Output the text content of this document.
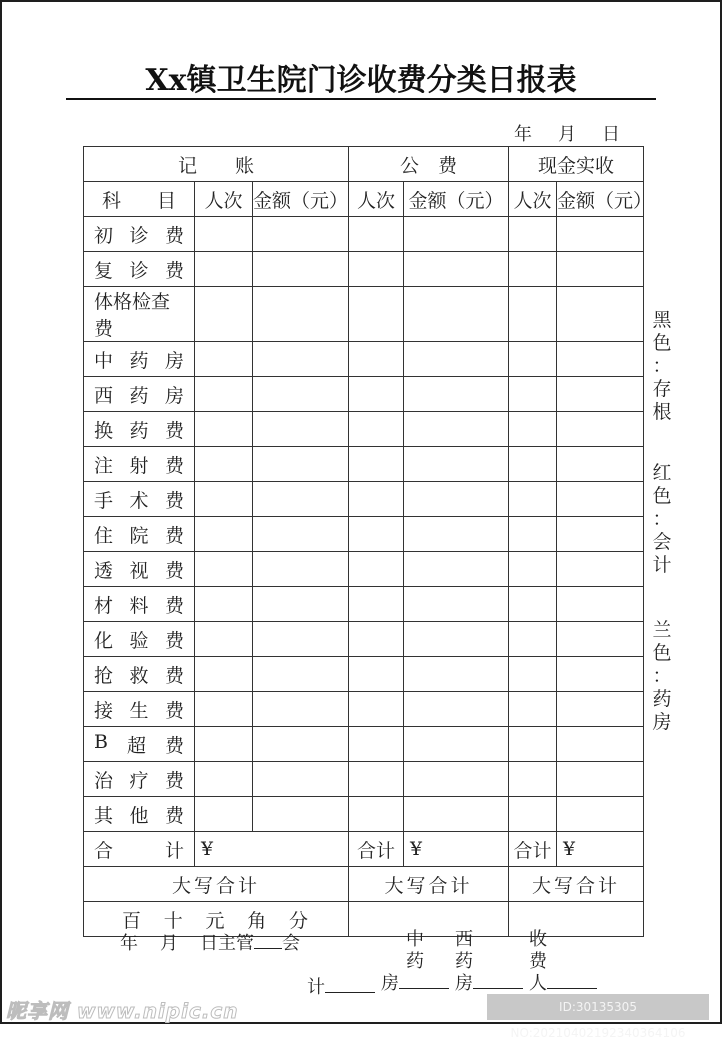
Xx镇卫生院门诊收费分类日报表
年 月 日
记　　账			公　费		现金实收	

科 目	人次	金额（元）	人次	金额（元）	人次	金额（元）

初 诊 费						

复 诊 费						

体格检查费						

中 药 房						

西 药 房						

换 药 费						

注 射 费						

手 术 费						

住 院 费						

透 视 费						

材 料 费						

化 验 费						

抢 救 费						

接 生 费						

B 超 费						

治 疗 费						

其 他 费						

合 计	¥		合计	¥	合计	¥
大写合计			大写合计		大写合计	

百 十 元 角 分						

黑
色
：
存
根
红
色
：
会
计
兰
色
：
药
房
年 月 日主管 会
计
中
药
房
西
药
房
收
费
人
昵享网 www.nipic.cn	ID:30135305 NO:20210402192340364106
